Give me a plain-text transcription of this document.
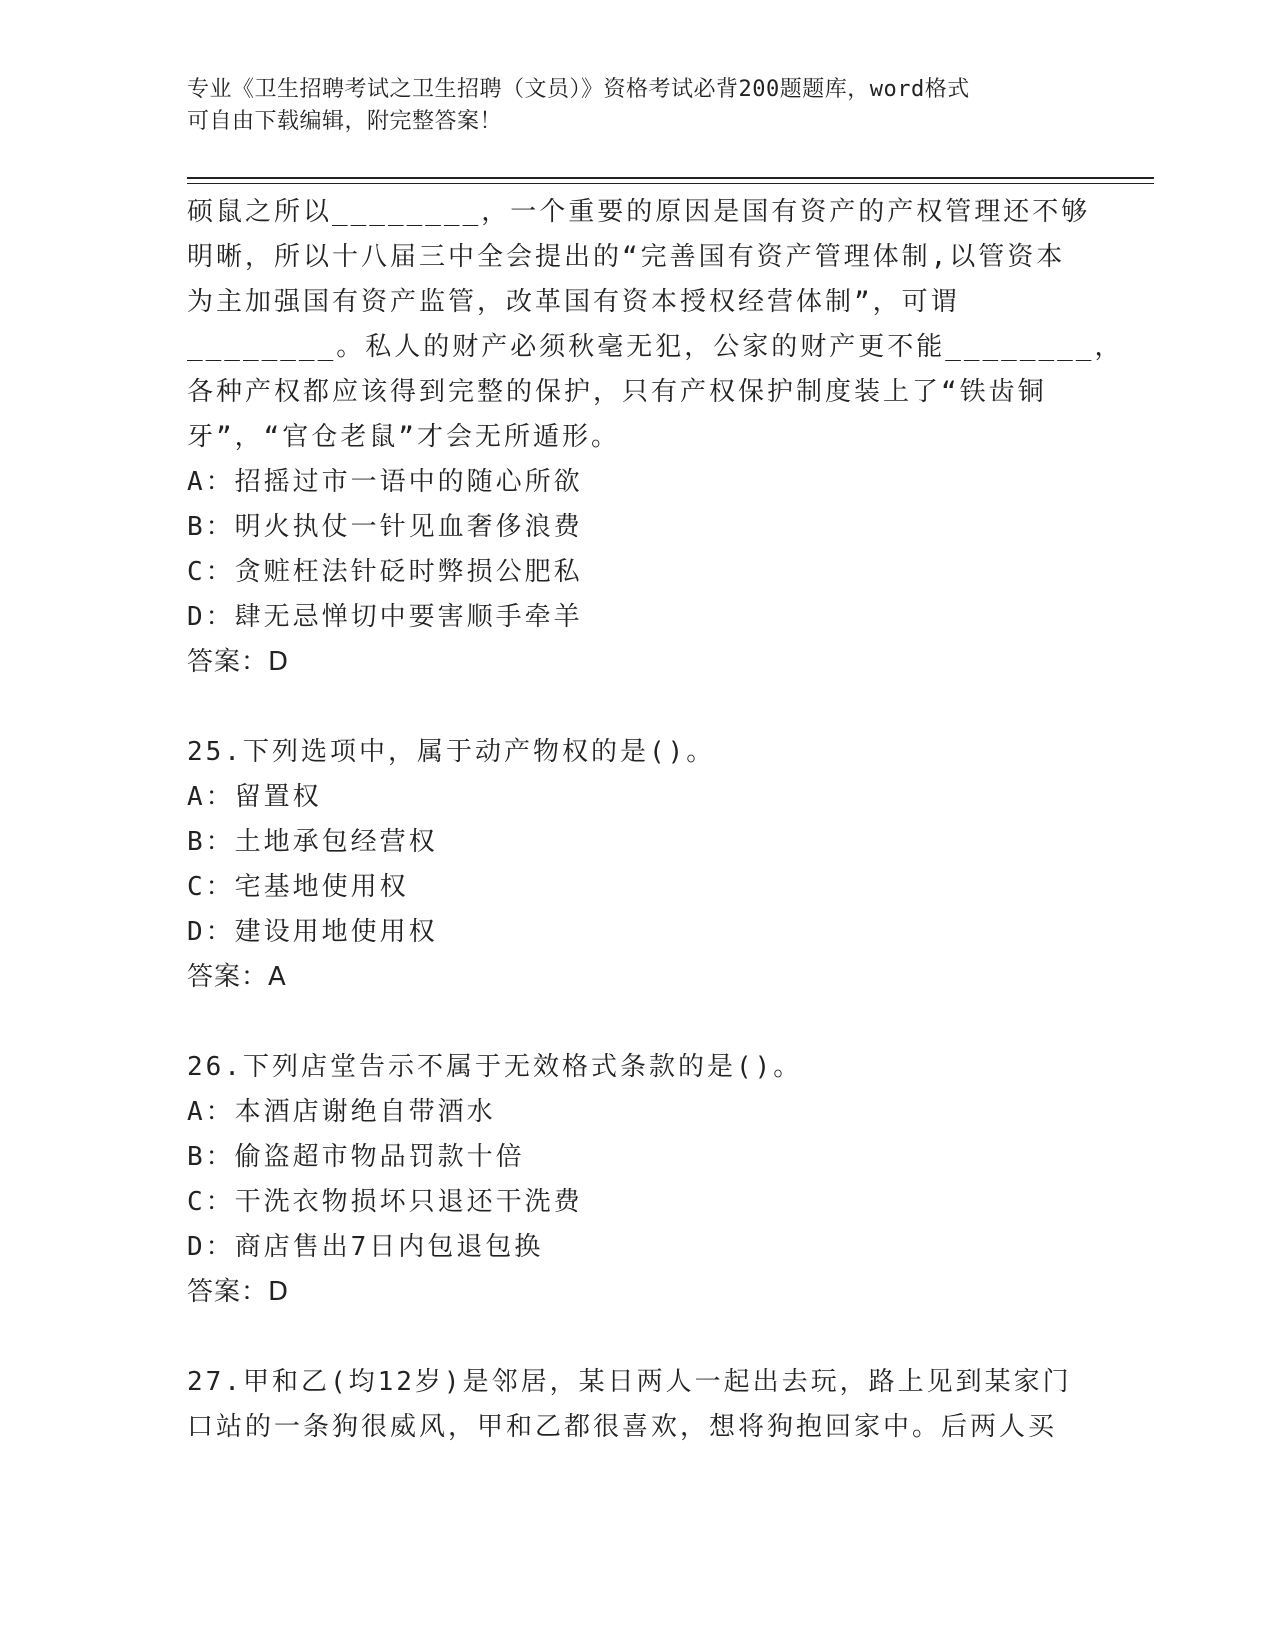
专业《卫生招聘考试之卫生招聘（文员）》资格考试必背200题题库，word格式
可自由下载编辑，附完整答案！
硕鼠之所以________，一个重要的原因是国有资产的产权管理还不够
明晰，所以十八届三中全会提出的“完善国有资产管理体制,以管资本
为主加强国有资产监管，改革国有资本授权经营体制”，可谓
________。私人的财产必须秋毫无犯，公家的财产更不能________，
各种产权都应该得到完整的保护，只有产权保护制度装上了“铁齿铜
牙”，“官仓老鼠”才会无所遁形。
A：招摇过市一语中的随心所欲
B：明火执仗一针见血奢侈浪费
C：贪赃枉法针砭时弊损公肥私
D：肆无忌惮切中要害顺手牵羊
答案：D
25.下列选项中，属于动产物权的是()。
A：留置权
B：土地承包经营权
C：宅基地使用权
D：建设用地使用权
答案：A
26.下列店堂告示不属于无效格式条款的是()。
A：本酒店谢绝自带酒水
B：偷盗超市物品罚款十倍
C：干洗衣物损坏只退还干洗费
D：商店售出7日内包退包换
答案：D
27.甲和乙(均12岁)是邻居，某日两人一起出去玩，路上见到某家门
口站的一条狗很威风，甲和乙都很喜欢，想将狗抱回家中。后两人买
